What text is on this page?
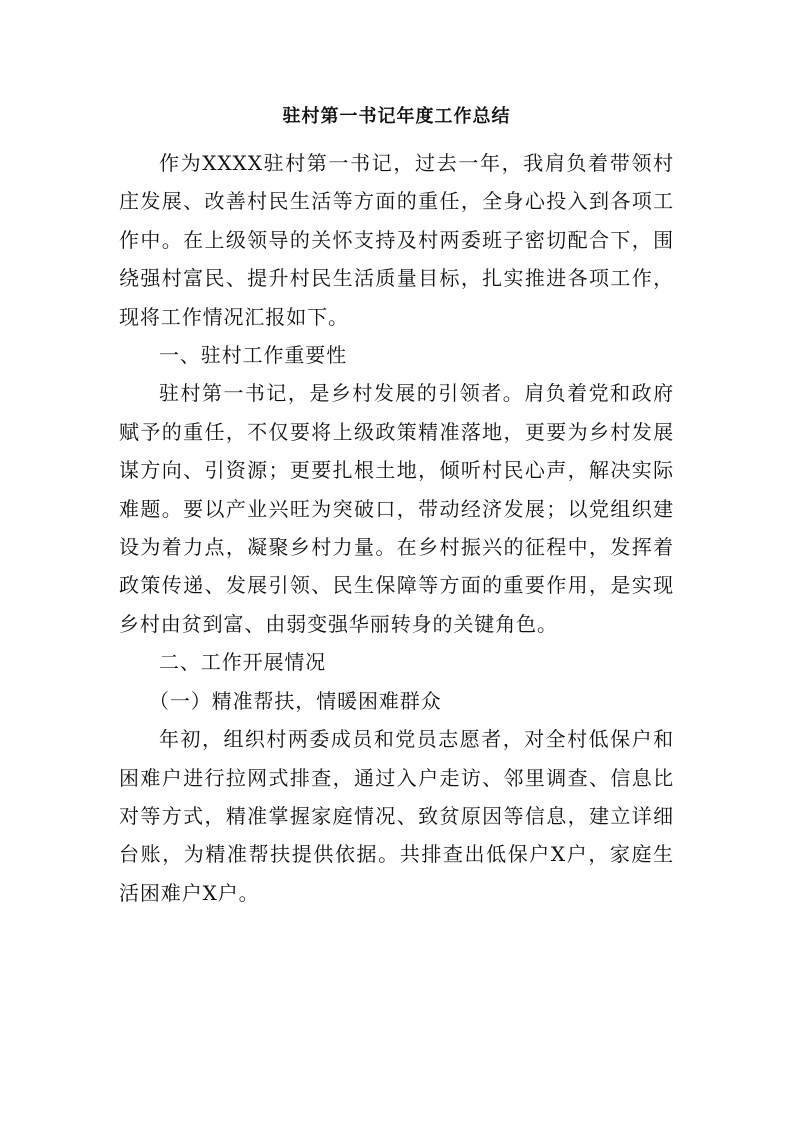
驻村第一书记年度工作总结

作为XXXX驻村第一书记，过去一年，我肩负着带领村庄发展、改善村民生活等方面的重任，全身心投入到各项工作中。在上级领导的关怀支持及村两委班子密切配合下，围绕强村富民、提升村民生活质量目标，扎实推进各项工作，现将工作情况汇报如下。

一、驻村工作重要性

驻村第一书记，是乡村发展的引领者。肩负着党和政府赋予的重任，不仅要将上级政策精准落地，更要为乡村发展谋方向、引资源；更要扎根土地，倾听村民心声，解决实际难题。要以产业兴旺为突破口，带动经济发展；以党组织建设为着力点，凝聚乡村力量。在乡村振兴的征程中，发挥着政策传递、发展引领、民生保障等方面的重要作用，是实现乡村由贫到富、由弱变强华丽转身的关键角色。

二、工作开展情况

（一）精准帮扶，情暖困难群众

年初，组织村两委成员和党员志愿者，对全村低保户和困难户进行拉网式排查，通过入户走访、邻里调查、信息比对等方式，精准掌握家庭情况、致贫原因等信息，建立详细台账，为精准帮扶提供依据。共排查出低保户X户，家庭生活困难户X户。
